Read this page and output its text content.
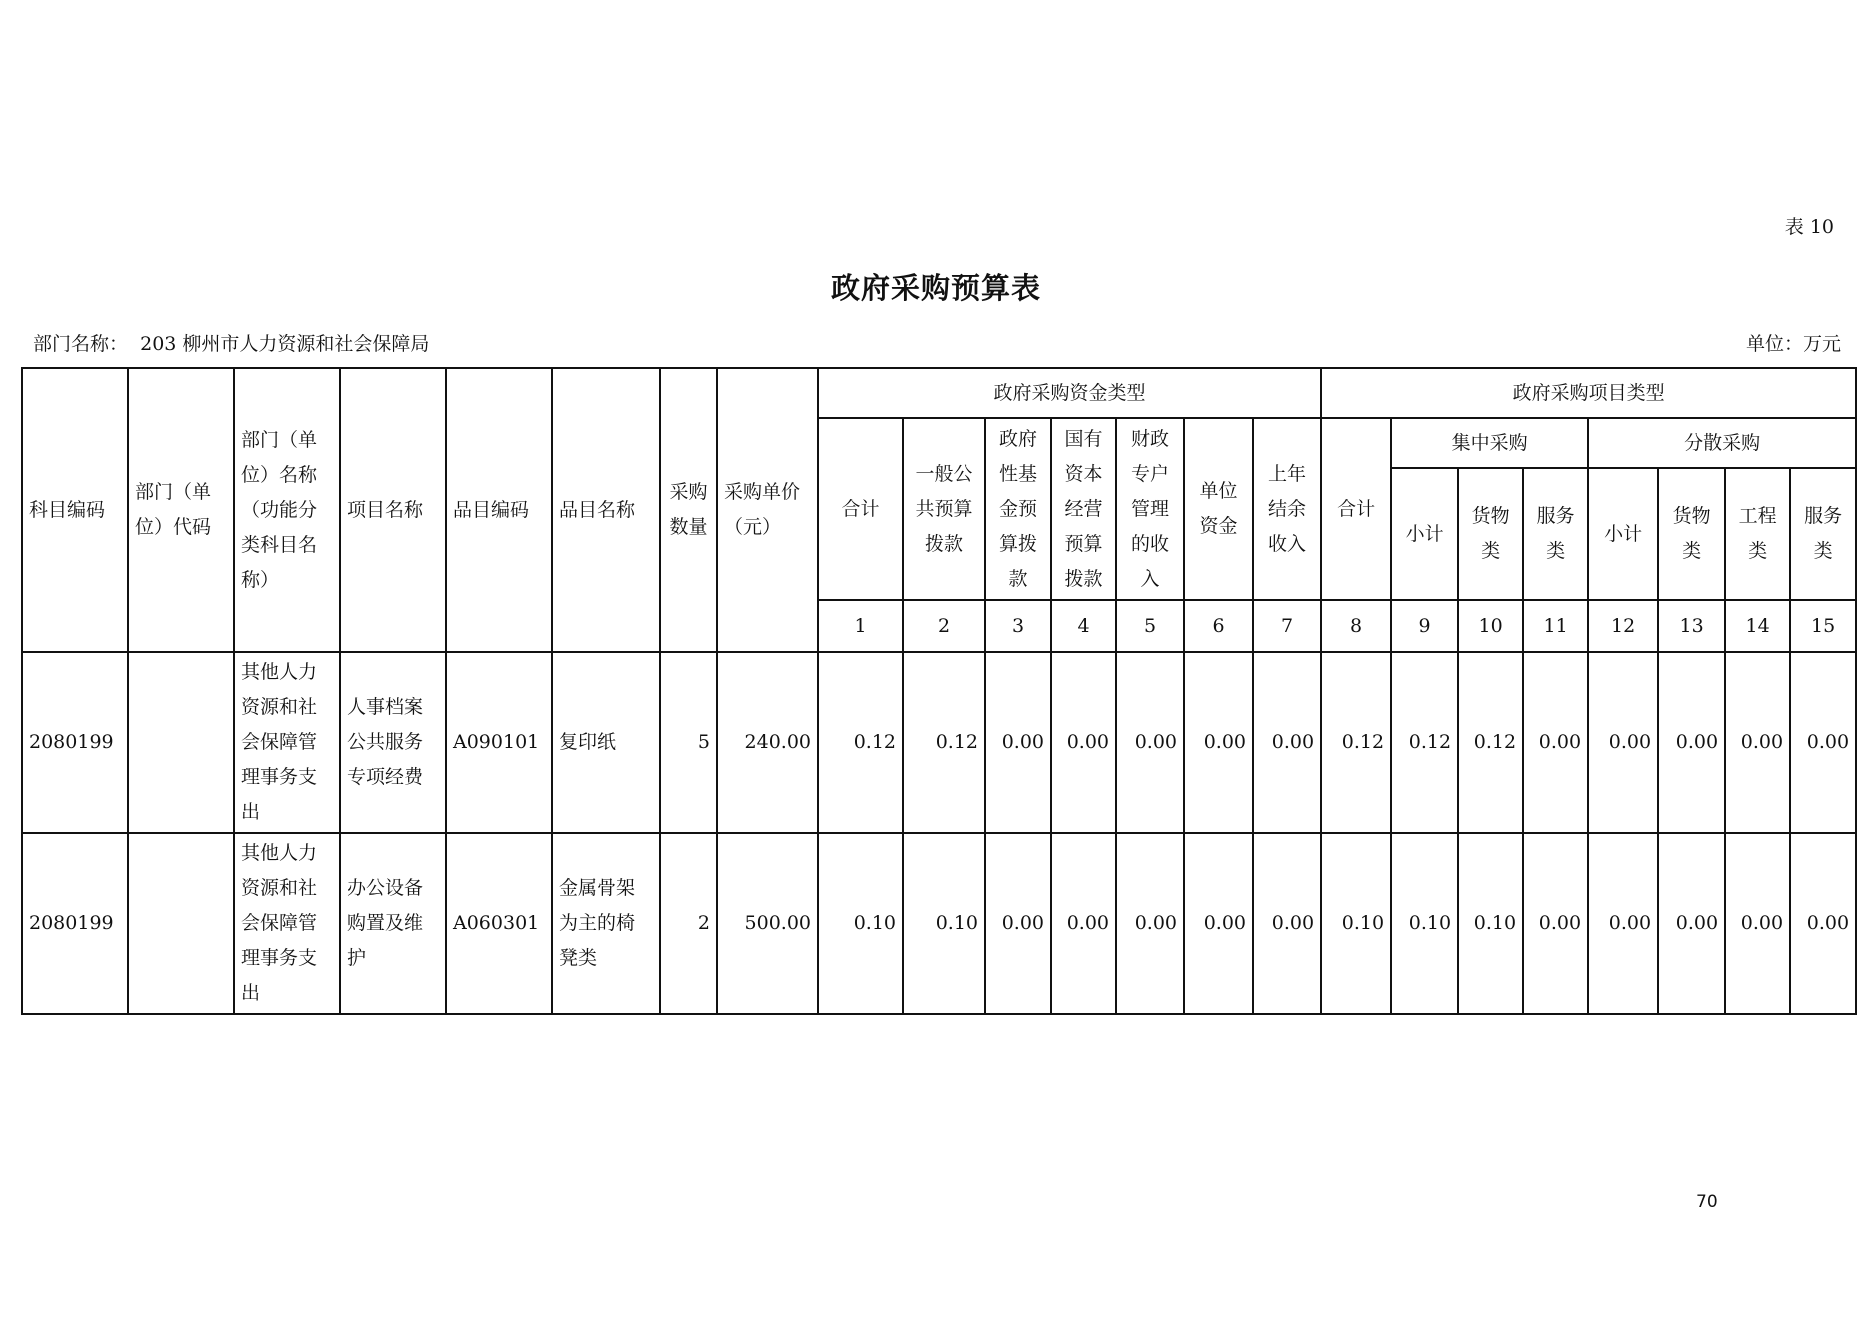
表 10
政府采购预算表
部门名称： 203 柳州市人力资源和社会保障局	单位：万元
科目编码	部门（单位）代码	部门（单位）名称（功能分类科目名称）	项目名称	品目编码	品目名称	采购数量	采购单价（元）	政府采购资金类型							政府采购项目类型							
								合计	一般公共预算拨款	政府性基金预算拨款	国有资本经营预算拨款	财政专户管理的收入	单位资金	上年结余收入	合计	集中采购			分散采购			
																小计	货物类	服务类	小计	货物类	工程类	服务类
								1	2	3	4	5	6	7	8	9	10	11	12	13	14	15
2080199		其他人力资源和社会保障管理事务支出	人事档案公共服务专项经费	A090101	复印纸	5	240.00	0.12	0.12	0.00	0.00	0.00	0.00	0.00	0.12	0.12	0.12	0.00	0.00	0.00	0.00	0.00
2080199		其他人力资源和社会保障管理事务支出	办公设备购置及维护	A060301	金属骨架为主的椅凳类	2	500.00	0.10	0.10	0.00	0.00	0.00	0.00	0.00	0.10	0.10	0.10	0.00	0.00	0.00	0.00	0.00
70
